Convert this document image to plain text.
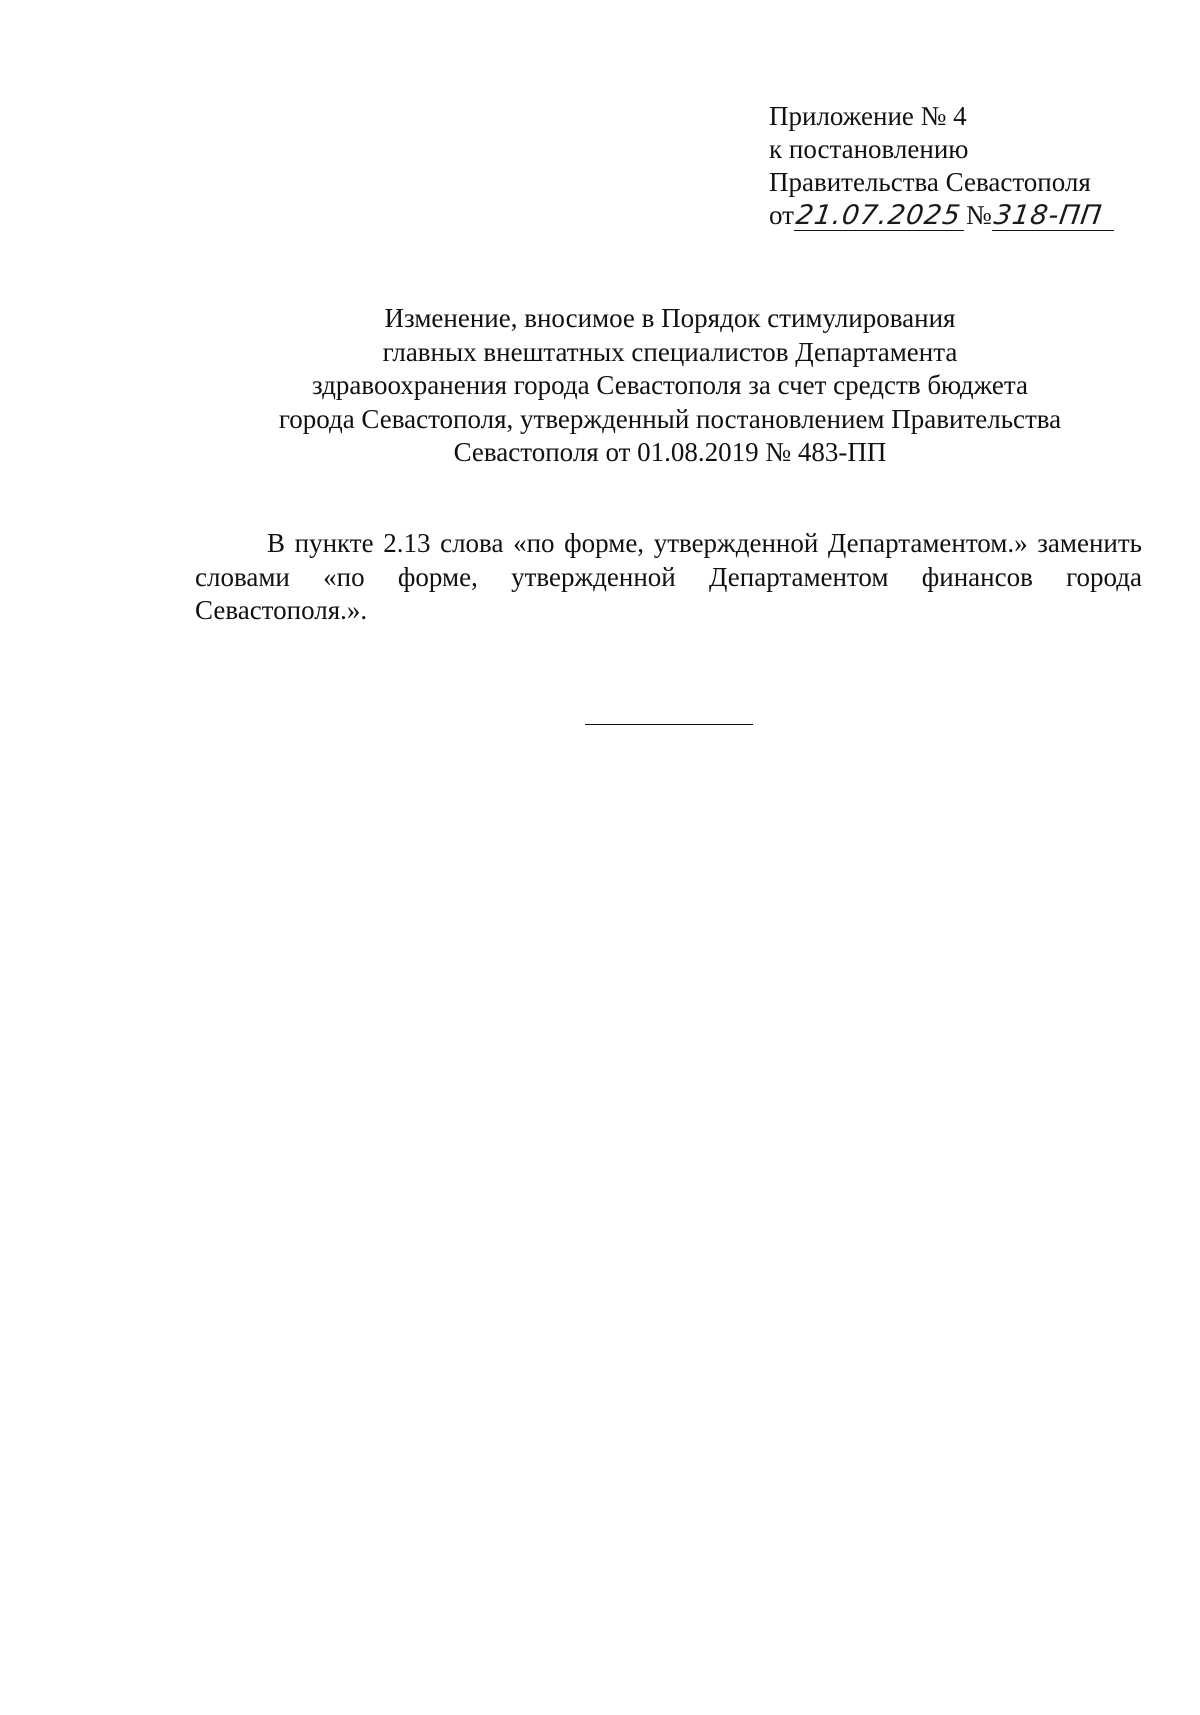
Приложение № 4
к постановлению
Правительства Севастополя
от21.07.2025 №318-ПП
Изменение, вносимое в Порядок стимулирования
главных внештатных специалистов Департамента
здравоохранения города Севастополя за счет средств бюджета
города Севастополя, утвержденный постановлением Правительства
Севастополя от 01.08.2019 № 483-ПП
В пункте 2.13 слова «по форме, утвержденной Департаментом.» заменить словами «по форме, утвержденной Департаментом финансов города Севастополя.».
